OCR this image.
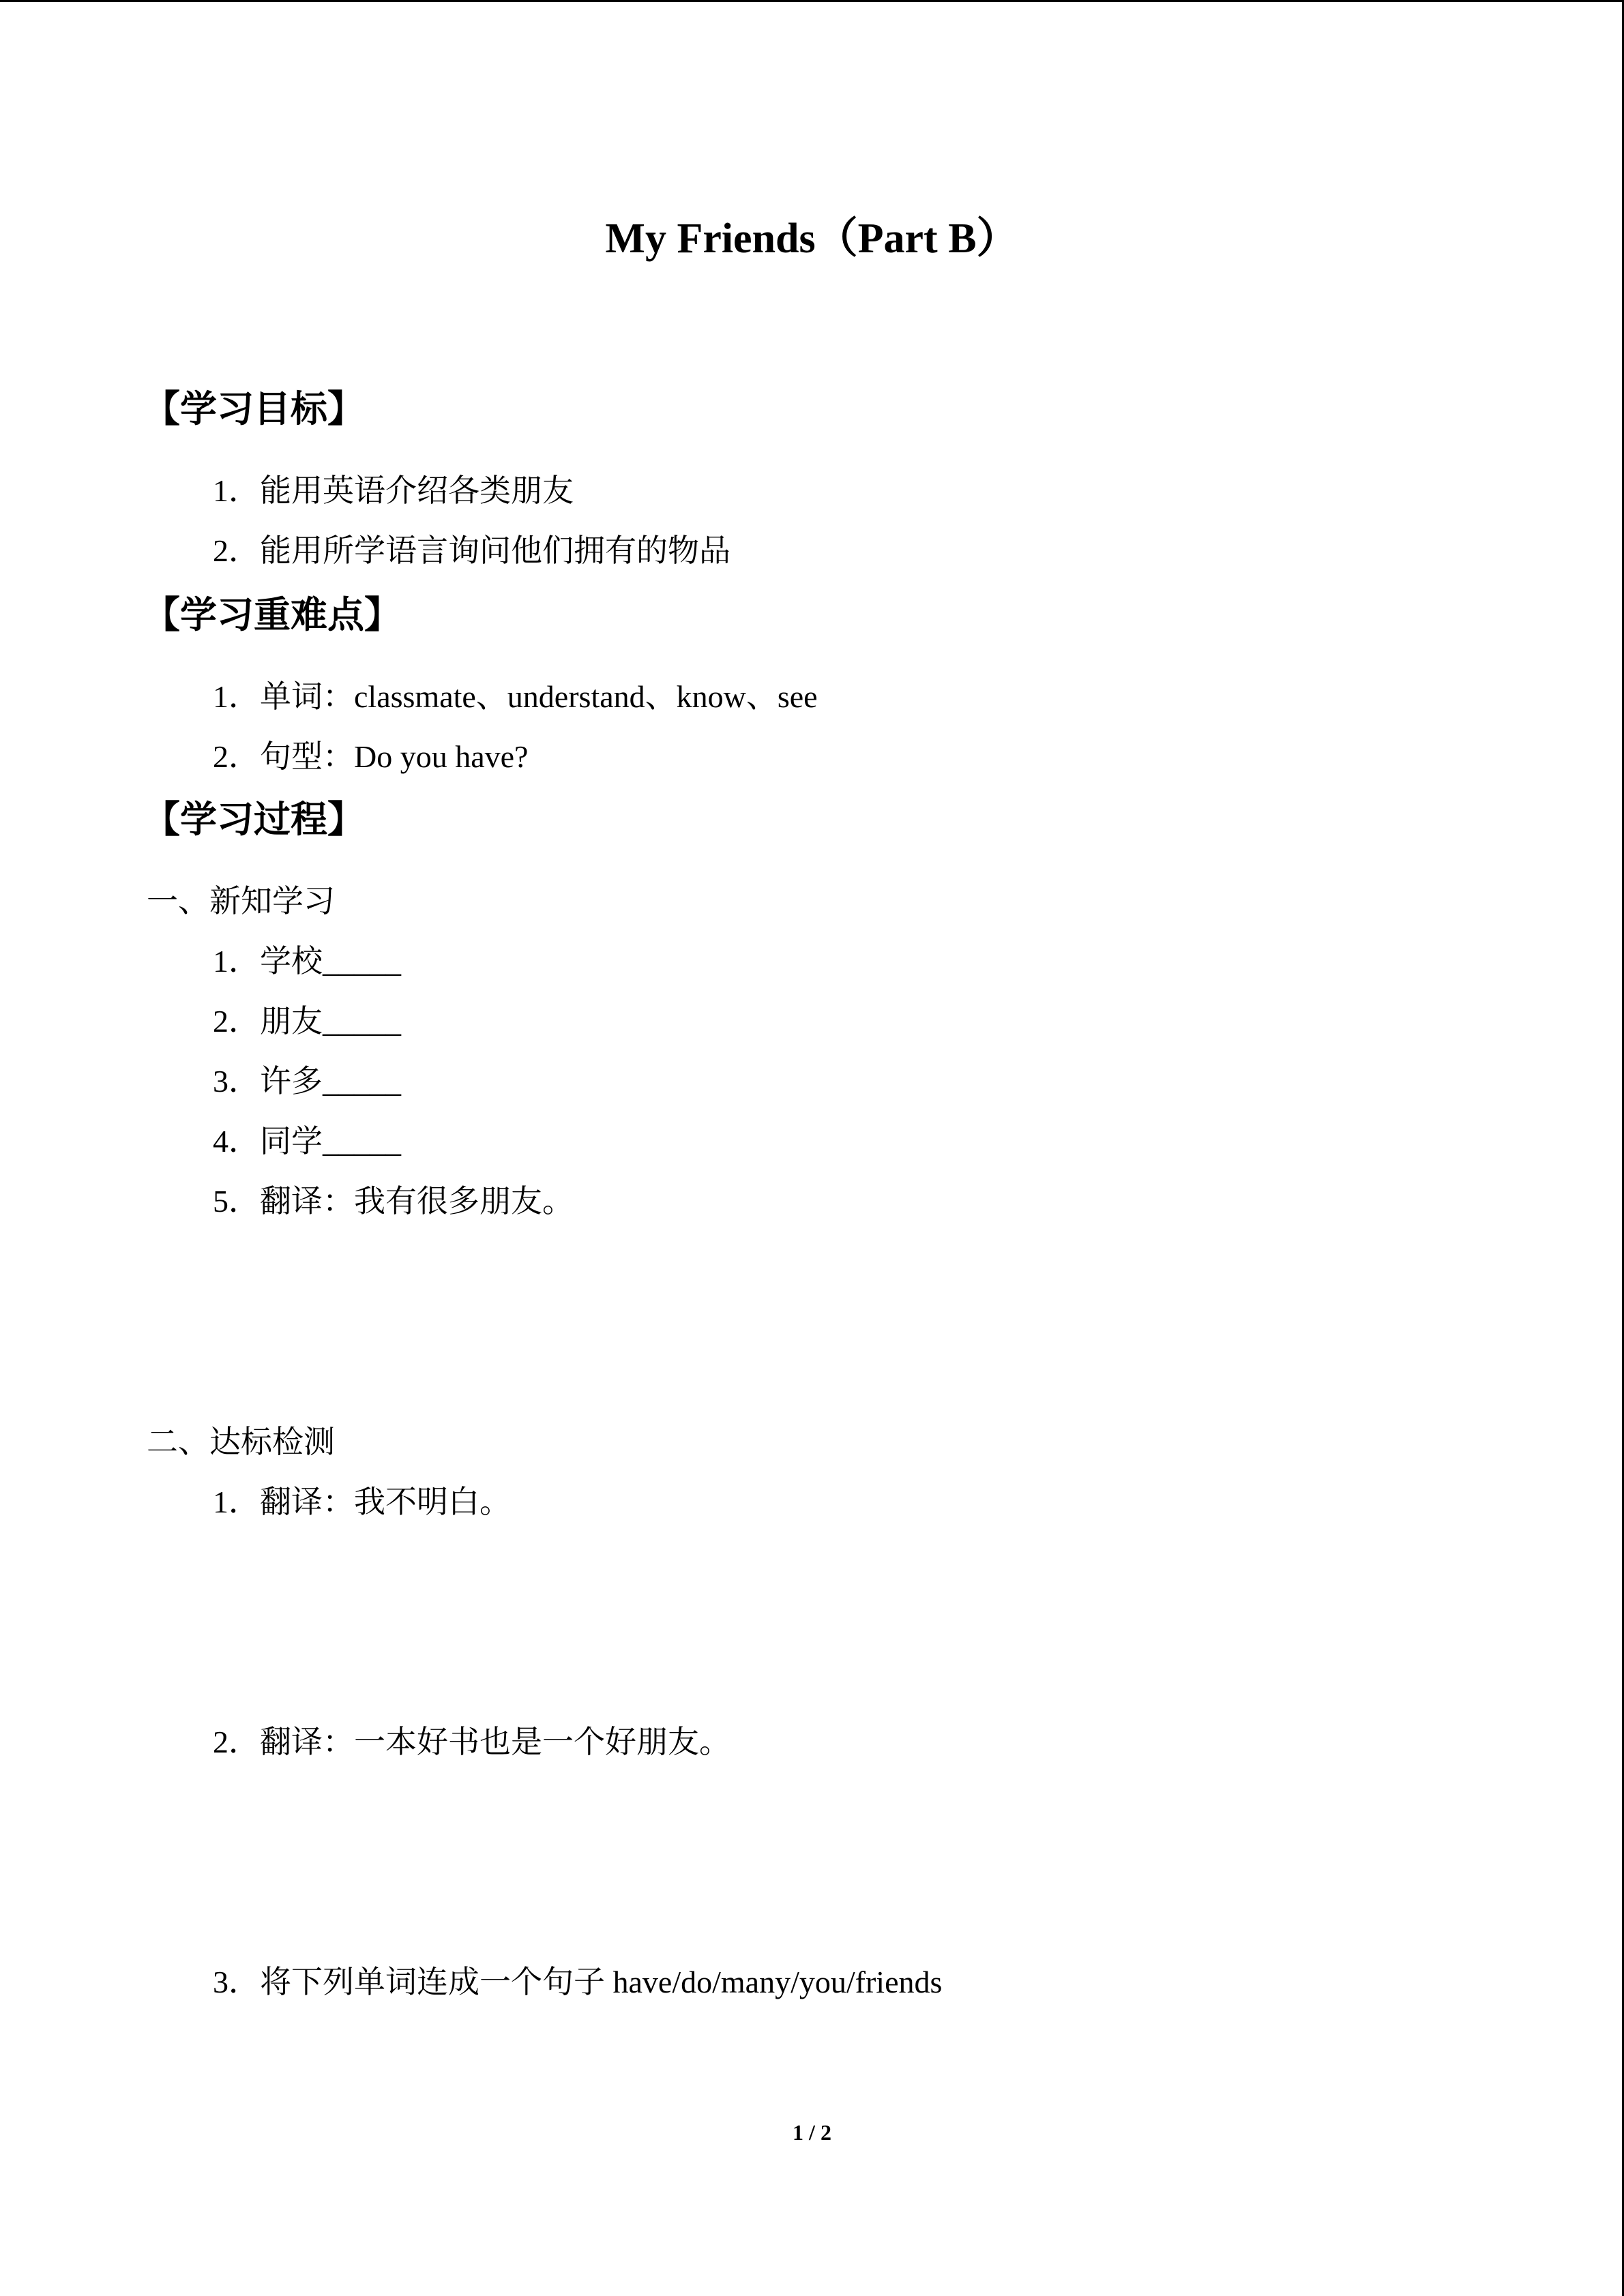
My Friends（Part B）
【学习目标】
1．能用英语介绍各类朋友
2．能用所学语言询问他们拥有的物品
【学习重难点】
1．单词：classmate、understand、know、see
2．句型：Do you have?
【学习过程】
一、新知学习
1．学校_____
2．朋友_____
3．许多_____
4．同学_____
5．翻译：我有很多朋友。
二、达标检测
1．翻译：我不明白。
2．翻译：一本好书也是一个好朋友。
3．将下列单词连成一个句子 have/do/many/you/friends
1 / 2
